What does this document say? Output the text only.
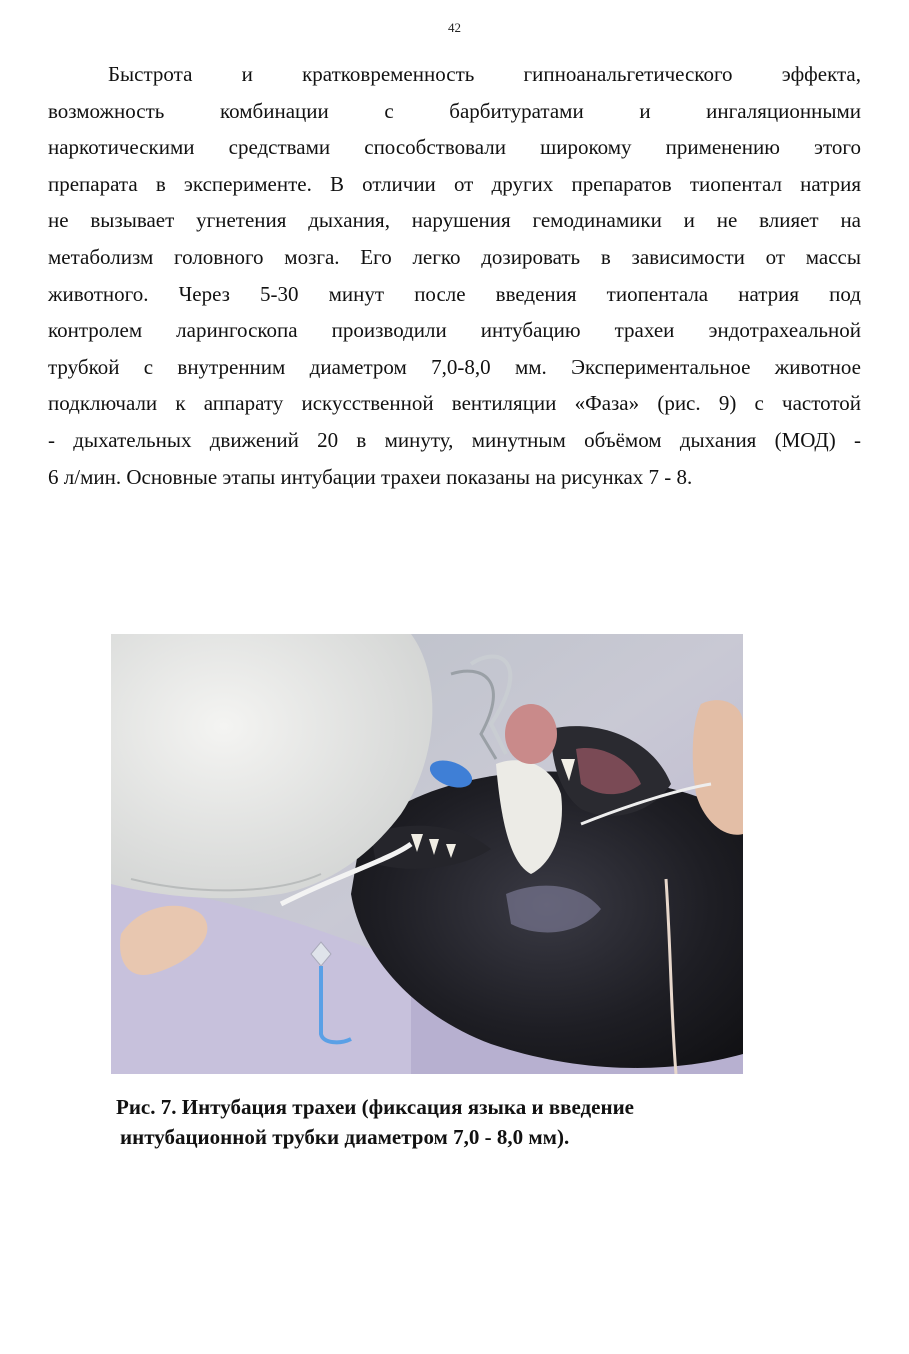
42
Быстрота и кратковременность гипноанальгетического эффекта,
возможность комбинации с барбитуратами и ингаляционными
наркотическими средствами способствовали широкому применению этого
препарата в эксперименте. В отличии от других препаратов тиопентал натрия
не вызывает угнетения дыхания, нарушения гемодинамики и не влияет на
метаболизм головного мозга. Его легко дозировать в зависимости от массы
животного. Через 5-30 минут после введения тиопентала натрия под
контролем ларингоскопа производили интубацию трахеи эндотрахеальной
трубкой с внутренним диаметром 7,0-8,0 мм. Экспериментальное животное
подключали к аппарату искусственной вентиляции «Фаза» (рис. 9) с частотой
- дыхательных движений 20 в минуту, минутным объёмом дыхания (МОД) -
6 л/мин. Основные этапы интубации трахеи показаны на рисунках 7 - 8.
Рис. 7. Интубация трахеи (фиксация языка и введение
интубационной трубки диаметром 7,0 - 8,0 мм).
